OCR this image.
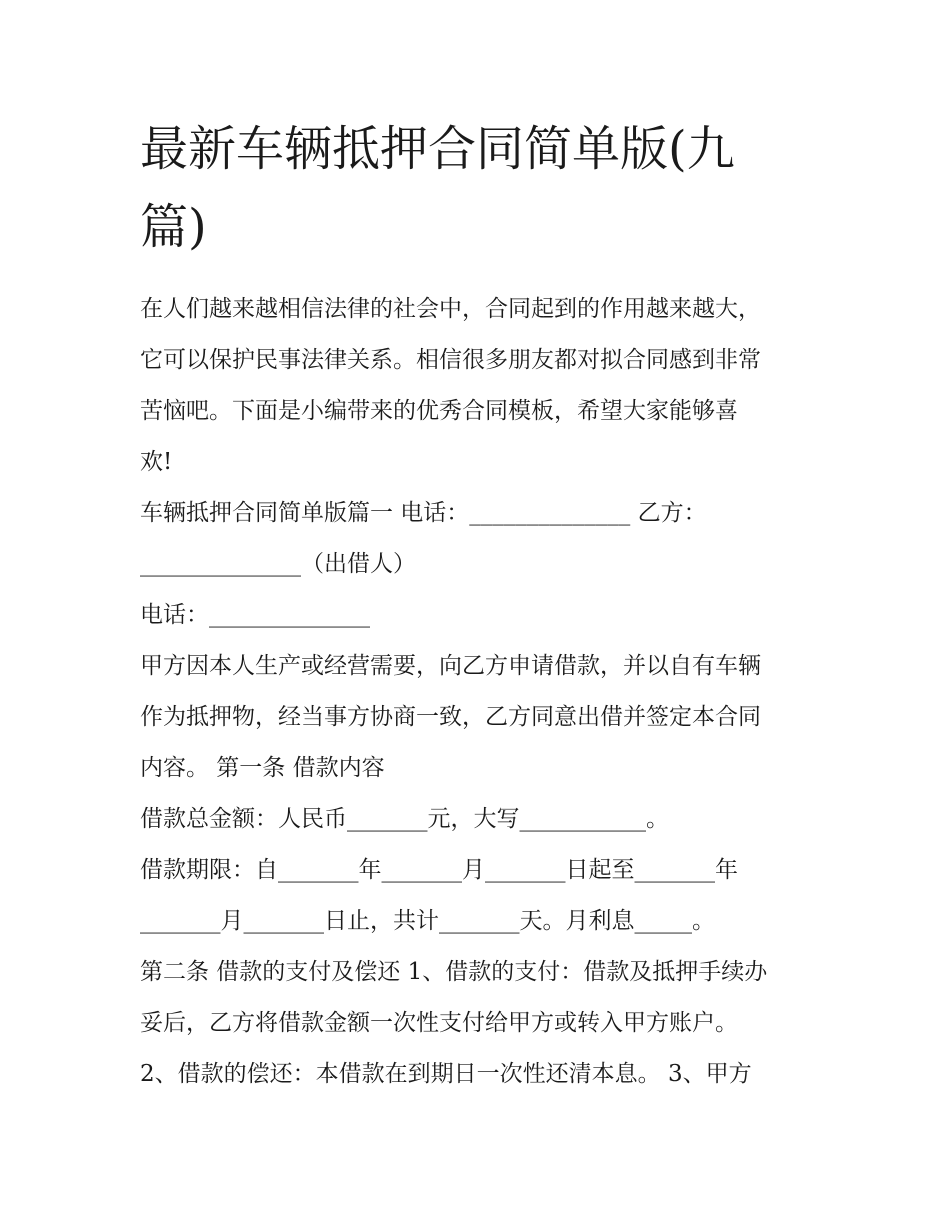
最新车辆抵押合同简单版(九
篇)
在人们越来越相信法律的社会中，合同起到的作用越来越大，
它可以保护民事法律关系。相信很多朋友都对拟合同感到非常
苦恼吧。下面是小编带来的优秀合同模板，希望大家能够喜
欢!
车辆抵押合同简单版篇一 电话：______________ 乙方：
______________（出借人）
电话：______________
甲方因本人生产或经营需要，向乙方申请借款，并以自有车辆
作为抵押物，经当事方协商一致，乙方同意出借并签定本合同
内容。 第一条 借款内容
借款总金额：人民币_______元，大写___________。
借款期限：自_______年_______月_______日起至_______年
_______月_______日止，共计_______天。月利息_____。
第二条 借款的支付及偿还 1、借款的支付：借款及抵押手续办
妥后，乙方将借款金额一次性支付给甲方或转入甲方账户。
2、借款的偿还：本借款在到期日一次性还清本息。 3、甲方
